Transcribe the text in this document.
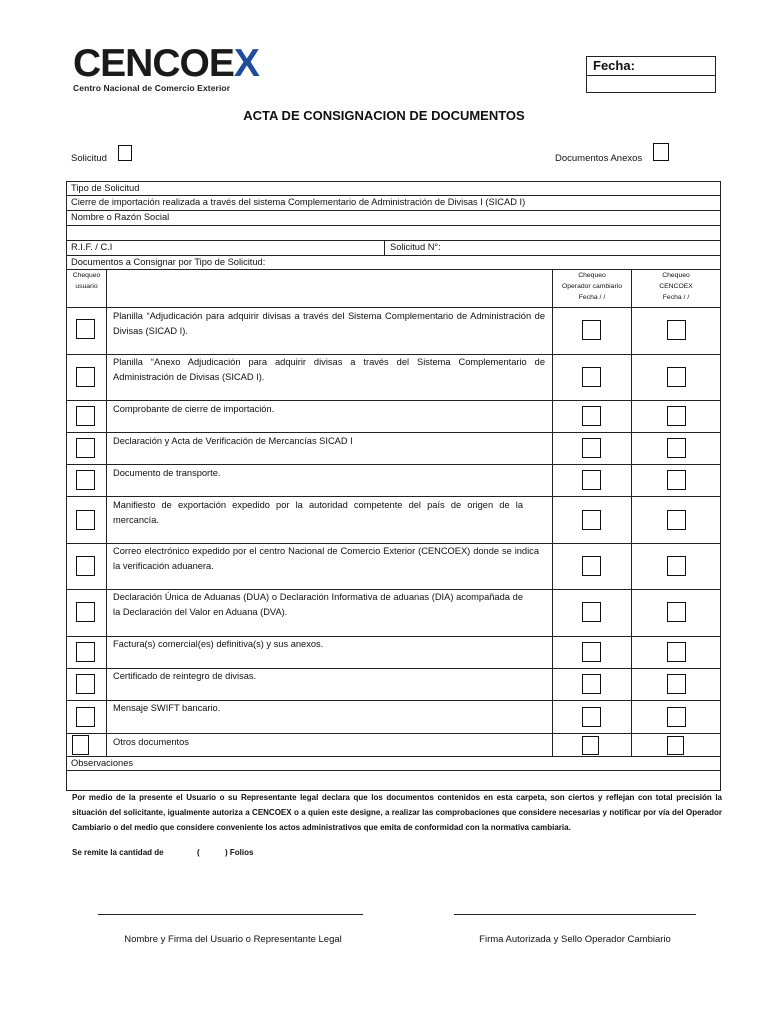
CENCOEX
Centro Nacional de Comercio Exterior
Fecha:
ACTA DE CONSIGNACION DE DOCUMENTOS
Solicitud	Documentos Anexos
Tipo de Solicitud
Cierre de importación realizada a través del sistema Complementario de Administración de Divisas I (SICAD I)
Nombre o Razón Social
R.I.F. / C.I	Solicitud N°:
Documentos a Consignar por Tipo de Solicitud:
Chequeo
usuario
Chequeo
Operador cambiario
Fecha / /
Chequeo
CENCOEX
Fecha / /
Planilla “Adjudicación para adquirir divisas a través del Sistema Complementario de Administración de Divisas (SICAD I).
Planilla “Anexo Adjudicación para adquirir divisas a través del Sistema Complementario de Administración de Divisas (SICAD I).
Comprobante de cierre de importación.
Declaración y Acta de Verificación de Mercancías SICAD I
Documento de transporte.
Manifiesto de exportación expedido por la autoridad competente del país de origen de la mercancía.
Correo electrónico expedido por el centro Nacional de Comercio Exterior (CENCOEX) donde se indica la verificación aduanera.
Declaración Única de Aduanas (DUA) o Declaración Informativa de aduanas (DIA) acompañada de la Declaración del Valor en Aduana (DVA).
Factura(s) comercial(es) definitiva(s) y sus anexos.
Certificado de reintegro de divisas.
Mensaje SWIFT bancario.
Otros documentos
Observaciones
Por medio de la presente el Usuario o su Representante legal declara que los documentos contenidos en esta carpeta, son ciertos y reflejan con total precisión la situación del solicitante, igualmente autoriza a CENCOEX o a quien este designe, a realizar las comprobaciones que considere necesarias y notificar por vía del Operador Cambiario o del medio que considere conveniente los actos administrativos que emita de conformidad con la normativa cambiaria.
Se remite la cantidad de	(	) Folios
Nombre y Firma del Usuario o Representante Legal	Firma Autorizada y Sello Operador Cambiario
